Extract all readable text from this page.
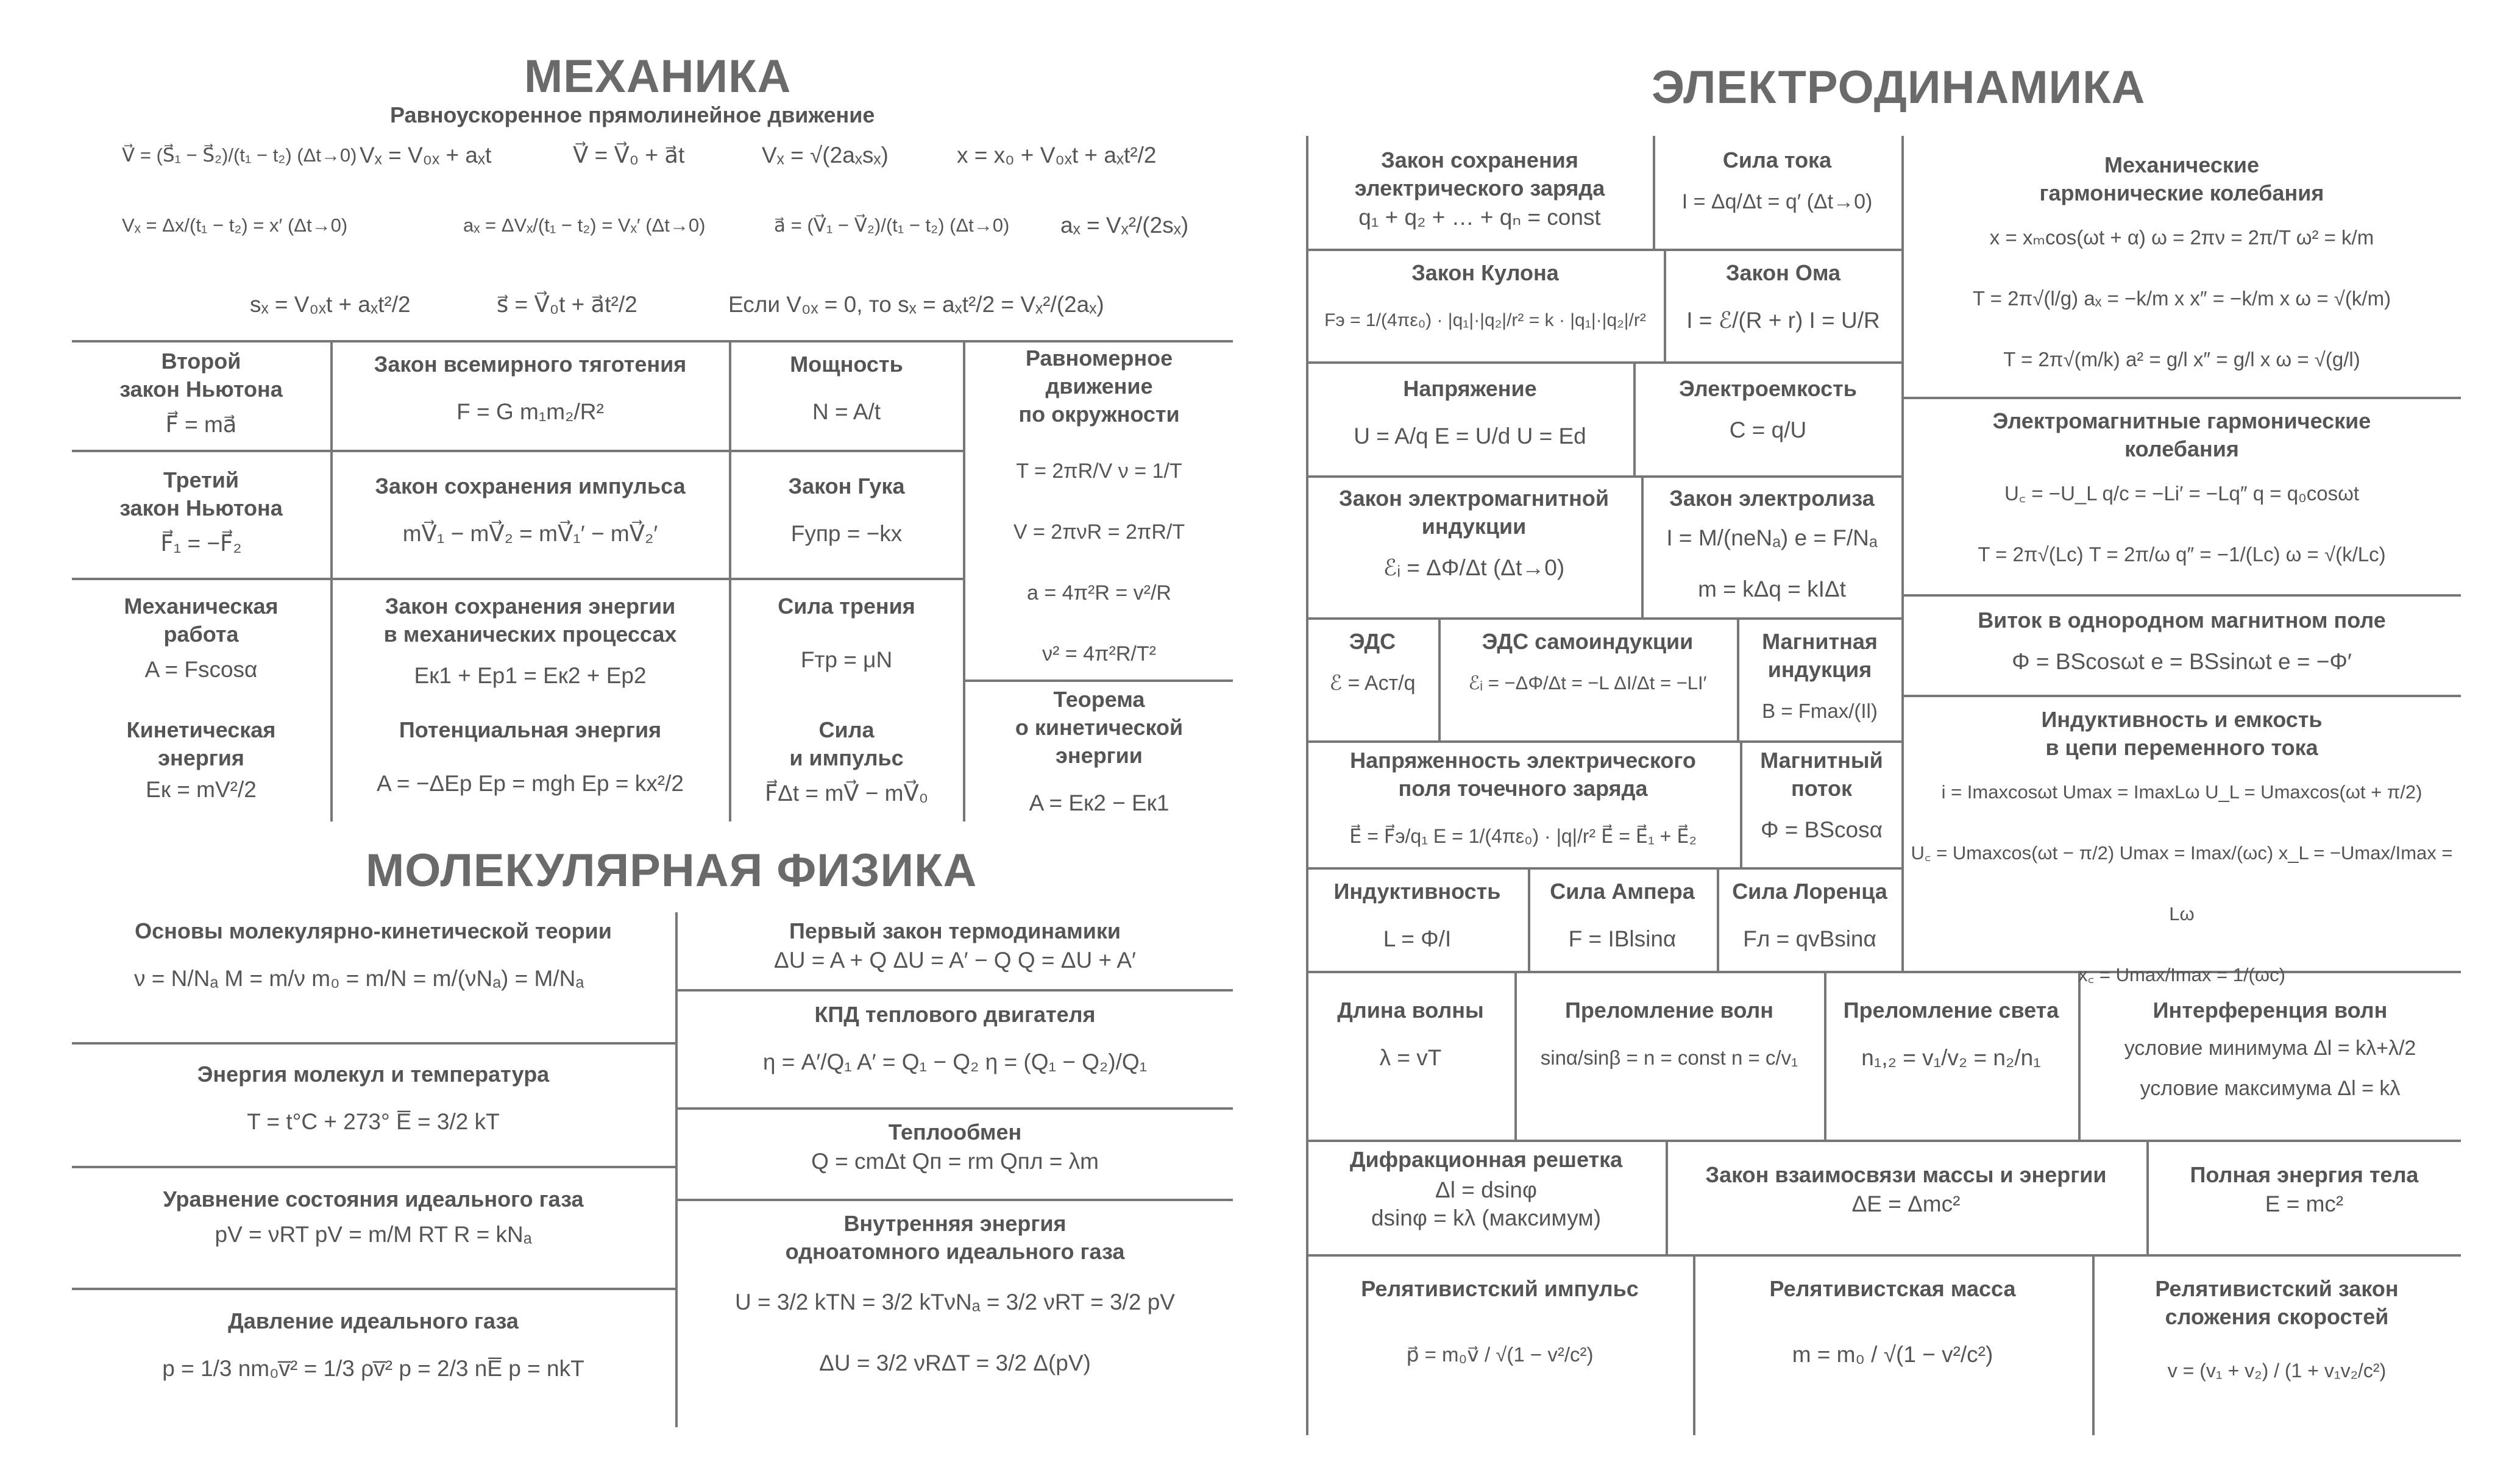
МЕХАНИКА
Равноускоренное прямолинейное движение
V⃗ = (S⃗₁ − S⃗₂)/(t₁ − t₂) (Δt→0) Vₓ = V₀ₓ + aₓt	V⃗ = V⃗₀ + a⃗t	Vₓ = √(2aₓsₓ)	x = x₀ + V₀ₓt + aₓt²/2
Vₓ = Δx/(t₁ − t₂) = x′ (Δt→0)	aₓ = ΔVₓ/(t₁ − t₂) = Vₓ′ (Δt→0)	a⃗ = (V⃗₁ − V⃗₂)/(t₁ − t₂) (Δt→0) aₓ = Vₓ²/(2sₓ)
sₓ = V₀ₓt + aₓt²/2	s⃗ = V⃗₀t + a⃗t²/2	Если V₀ₓ = 0, то sₓ = aₓt²/2 = Vₓ²/(2aₓ)
Второй
закон Ньютона
F⃗ = ma⃗
Закон всемирного тяготения
F = G m₁m₂/R²
Мощность
N = A/t
Равномерное
движение
по окружности
T = 2πR/V ν = 1/T
V = 2πνR = 2πR/T
a = 4π²R = v²/R
ν² = 4π²R/T²
Третий
закон Ньютона
F⃗₁ = −F⃗₂
Закон сохранения импульса
mV⃗₁ − mV⃗₂ = mV⃗₁′ − mV⃗₂′
Закон Гука
Fупр = −kx
Механическая
работа
A = Fscosα
Закон сохранения энергии
в механических процессах
Eк1 + Eр1 = Eк2 + Eр2
Сила трения
Fтр = μN
Теорема
о кинетической
энергии
A = Eк2 − Eк1
Кинетическая
энергия
Eк = mV²/2
Потенциальная энергия
A = −ΔEр Eр = mgh Eр = kx²/2
Сила
и импульс
F⃗Δt = mV⃗ − mV⃗₀
МОЛЕКУЛЯРНАЯ ФИЗИКА
Основы молекулярно-кинетической теории
ν = N/Nₐ M = m/ν m₀ = m/N = m/(νNₐ) = M/Nₐ
Первый закон термодинамики
ΔU = A + Q ΔU = A′ − Q Q = ΔU + A′
КПД теплового двигателя
η = A′/Q₁ A′ = Q₁ − Q₂ η = (Q₁ − Q₂)/Q₁
Энергия молекул и температура
T = t°C + 273° E̅ = 3/2 kT	Теплообмен
Q = cmΔt Qп = rm Qпл = λm
Уравнение состояния идеального газа
pV = νRT pV = m/M RT R = kNₐ	Внутренняя энергия
одноатомного идеального газа
U = 3/2 kTN = 3/2 kTνNₐ = 3/2 νRT = 3/2 pV
ΔU = 3/2 νRΔT = 3/2 Δ(pV)
Давление идеального газа
p = 1/3 nm₀v̅² = 1/3 ρv̅² p = 2/3 nE̅ p = nkT
ЭЛЕКТРОДИНАМИКА
Закон сохранения
электрического заряда
q₁ + q₂ + … + qₙ = const
Сила тока
I = Δq/Δt = q′ (Δt→0)
Механические
гармонические колебания
x = xₘcos(ωt + α) ω = 2πν = 2π/T ω² = k/m
T = 2π√(l/g) aₓ = −k/m x x″ = −k/m x ω = √(k/m)
T = 2π√(m/k) a² = g/l x″ = g/l x ω = √(g/l)
Закон Кулона
Fэ = 1/(4πε₀) · |q₁|·|q₂|/r² = k · |q₁|·|q₂|/r²
Закон Ома
I = ℰ/(R + r) I = U/R
Напряжение
U = A/q E = U/d U = Ed
Электроемкость
C = q/U	Электромагнитные гармонические
колебания
U꜀ = −U_L q/c = −Li′ = −Lq″ q = q₀cosωt
T = 2π√(Lc) T = 2π/ω q″ = −1/(Lc) ω = √(k/Lc)
Закон электромагнитной
индукции
ℰᵢ = ΔΦ/Δt (Δt→0)
Закон электролиза
I = M/(neNₐ) e = F/Nₐ
m = kΔq = kIΔt
Виток в однородном магнитном поле
Φ = BScosωt e = BSsinωt e = −Φ′
ЭДС
ℰ = Aст/q
ЭДС самоиндукции
ℰᵢ = −ΔΦ/Δt = −L ΔI/Δt = −LI′
Магнитная
индукция
B = Fmax/(Il)	Индуктивность и емкость
в цепи переменного тока
i = Imaxcosωt Umax = ImaxLω U_L = Umaxcos(ωt + π/2)
U꜀ = Umaxcos(ωt − π/2) Umax = Imax/(ωc) x_L = −Umax/Imax = Lω
x꜀ = Umax/Imax = 1/(ωc)
Напряженность электрического
поля точечного заряда
E⃗ = F⃗э/q₁ E = 1/(4πε₀) · |q|/r² E⃗ = E⃗₁ + E⃗₂
Магнитный
поток
Φ = BScosα
Индуктивность
L = Φ/I
Сила Ампера
F = IBlsinα
Сила Лоренца
Fл = qvBsinα
Длина волны
λ = vT
Преломление волн
sinα/sinβ = n = const n = c/v₁
Преломление света
n₁,₂ = v₁/v₂ = n₂/n₁
Интерференция волн
условие минимума Δl = kλ+λ/2
условие максимума Δl = kλ
Дифракционная решетка
Δl = dsinφ
dsinφ = kλ (максимум)
Закон взаимосвязи массы и энергии
ΔE = Δmc²
Полная энергия тела
E = mc²
Релятивистский импульс
p⃗ = m₀v⃗ / √(1 − v²/c²)
Релятивистская масса
m = m₀ / √(1 − v²/c²)
Релятивистский закон
сложения скоростей
v = (v₁ + v₂) / (1 + v₁v₂/c²)
